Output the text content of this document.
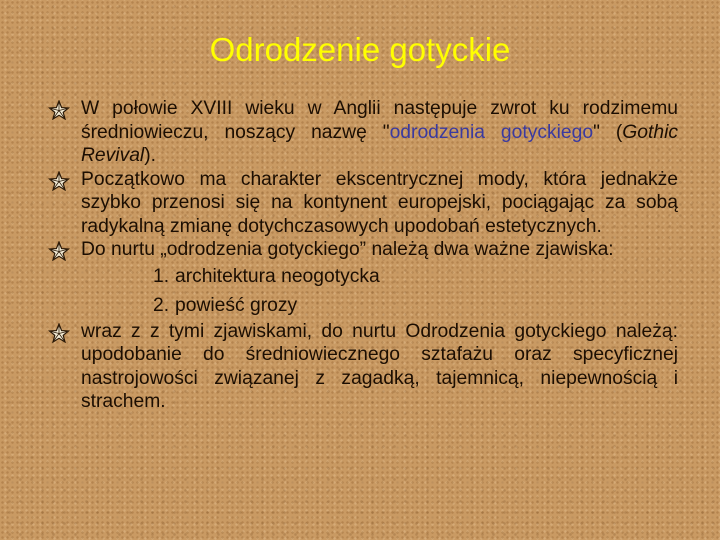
Odrodzenie gotyckie

W połowie XVIII wieku w Anglii następuje zwrot ku rodzimemu średniowieczu, noszący nazwę "odrodzenia gotyckiego" (Gothic Revival).

Początkowo ma charakter ekscentrycznej mody, która jednakże szybko przenosi się na kontynent europejski, pociągając za sobą radykalną zmianę dotychczasowych upodobań estetycznych.

Do nurtu „odrodzenia gotyckiego” należą dwa ważne zjawiska:

1. architektura neogotycka
2. powieść grozy

wraz z z tymi zjawiskami, do nurtu Odrodzenia gotyckiego należą: upodobanie do średniowiecznego sztafażu oraz specyficznej nastrojowości związanej z zagadką, tajemnicą, niepewnością i strachem.
